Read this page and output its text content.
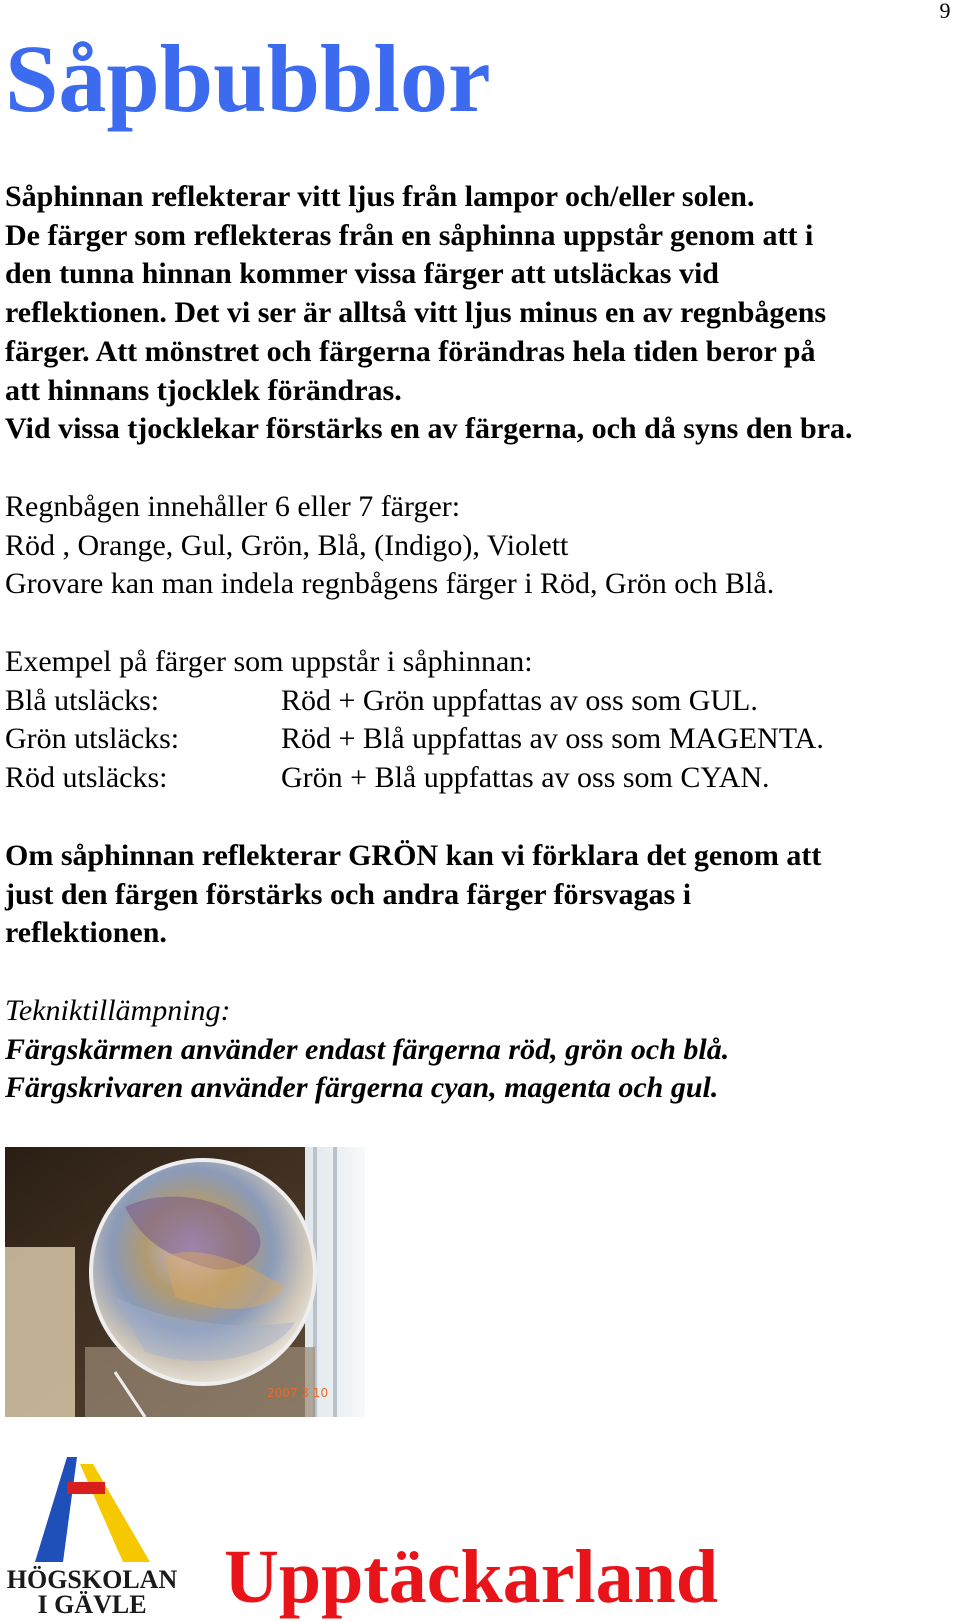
9
Såpbubblor

Såphinnan reflekterar vitt ljus från lampor och/eller solen.

De färger som reflekteras från en såphinna uppstår genom att i

den tunna hinnan kommer vissa färger att utsläckas vid

reflektionen. Det vi ser är alltså vitt ljus minus en av regnbågens

färger. Att mönstret och färgerna förändras hela tiden beror på

att hinnans tjocklek förändras.

Vid vissa tjocklekar förstärks en av färgerna, och då syns den bra.

Regnbågen innehåller 6 eller 7 färger:

Röd , Orange, Gul, Grön, Blå, (Indigo), Violett

Grovare kan man indela regnbågens färger i Röd, Grön och Blå.

Exempel på färger som uppstår i såphinnan:

Blå utsläcks:	Röd + Grön uppfattas av oss som GUL.
Grön utsläcks:	Röd + Blå uppfattas av oss som MAGENTA.
Röd utsläcks:	Grön + Blå uppfattas av oss som CYAN.

Om såphinnan reflekterar GRÖN kan vi förklara det genom att

just den färgen förstärks och andra färger försvagas i

reflektionen.

Tekniktillämpning:

Färgskärmen använder endast färgerna röd, grön och blå.

Färgskrivaren använder färgerna cyan, magenta och gul.

2007 3 10
HÖGSKOLAN
I GÄVLE Upptäckarland
